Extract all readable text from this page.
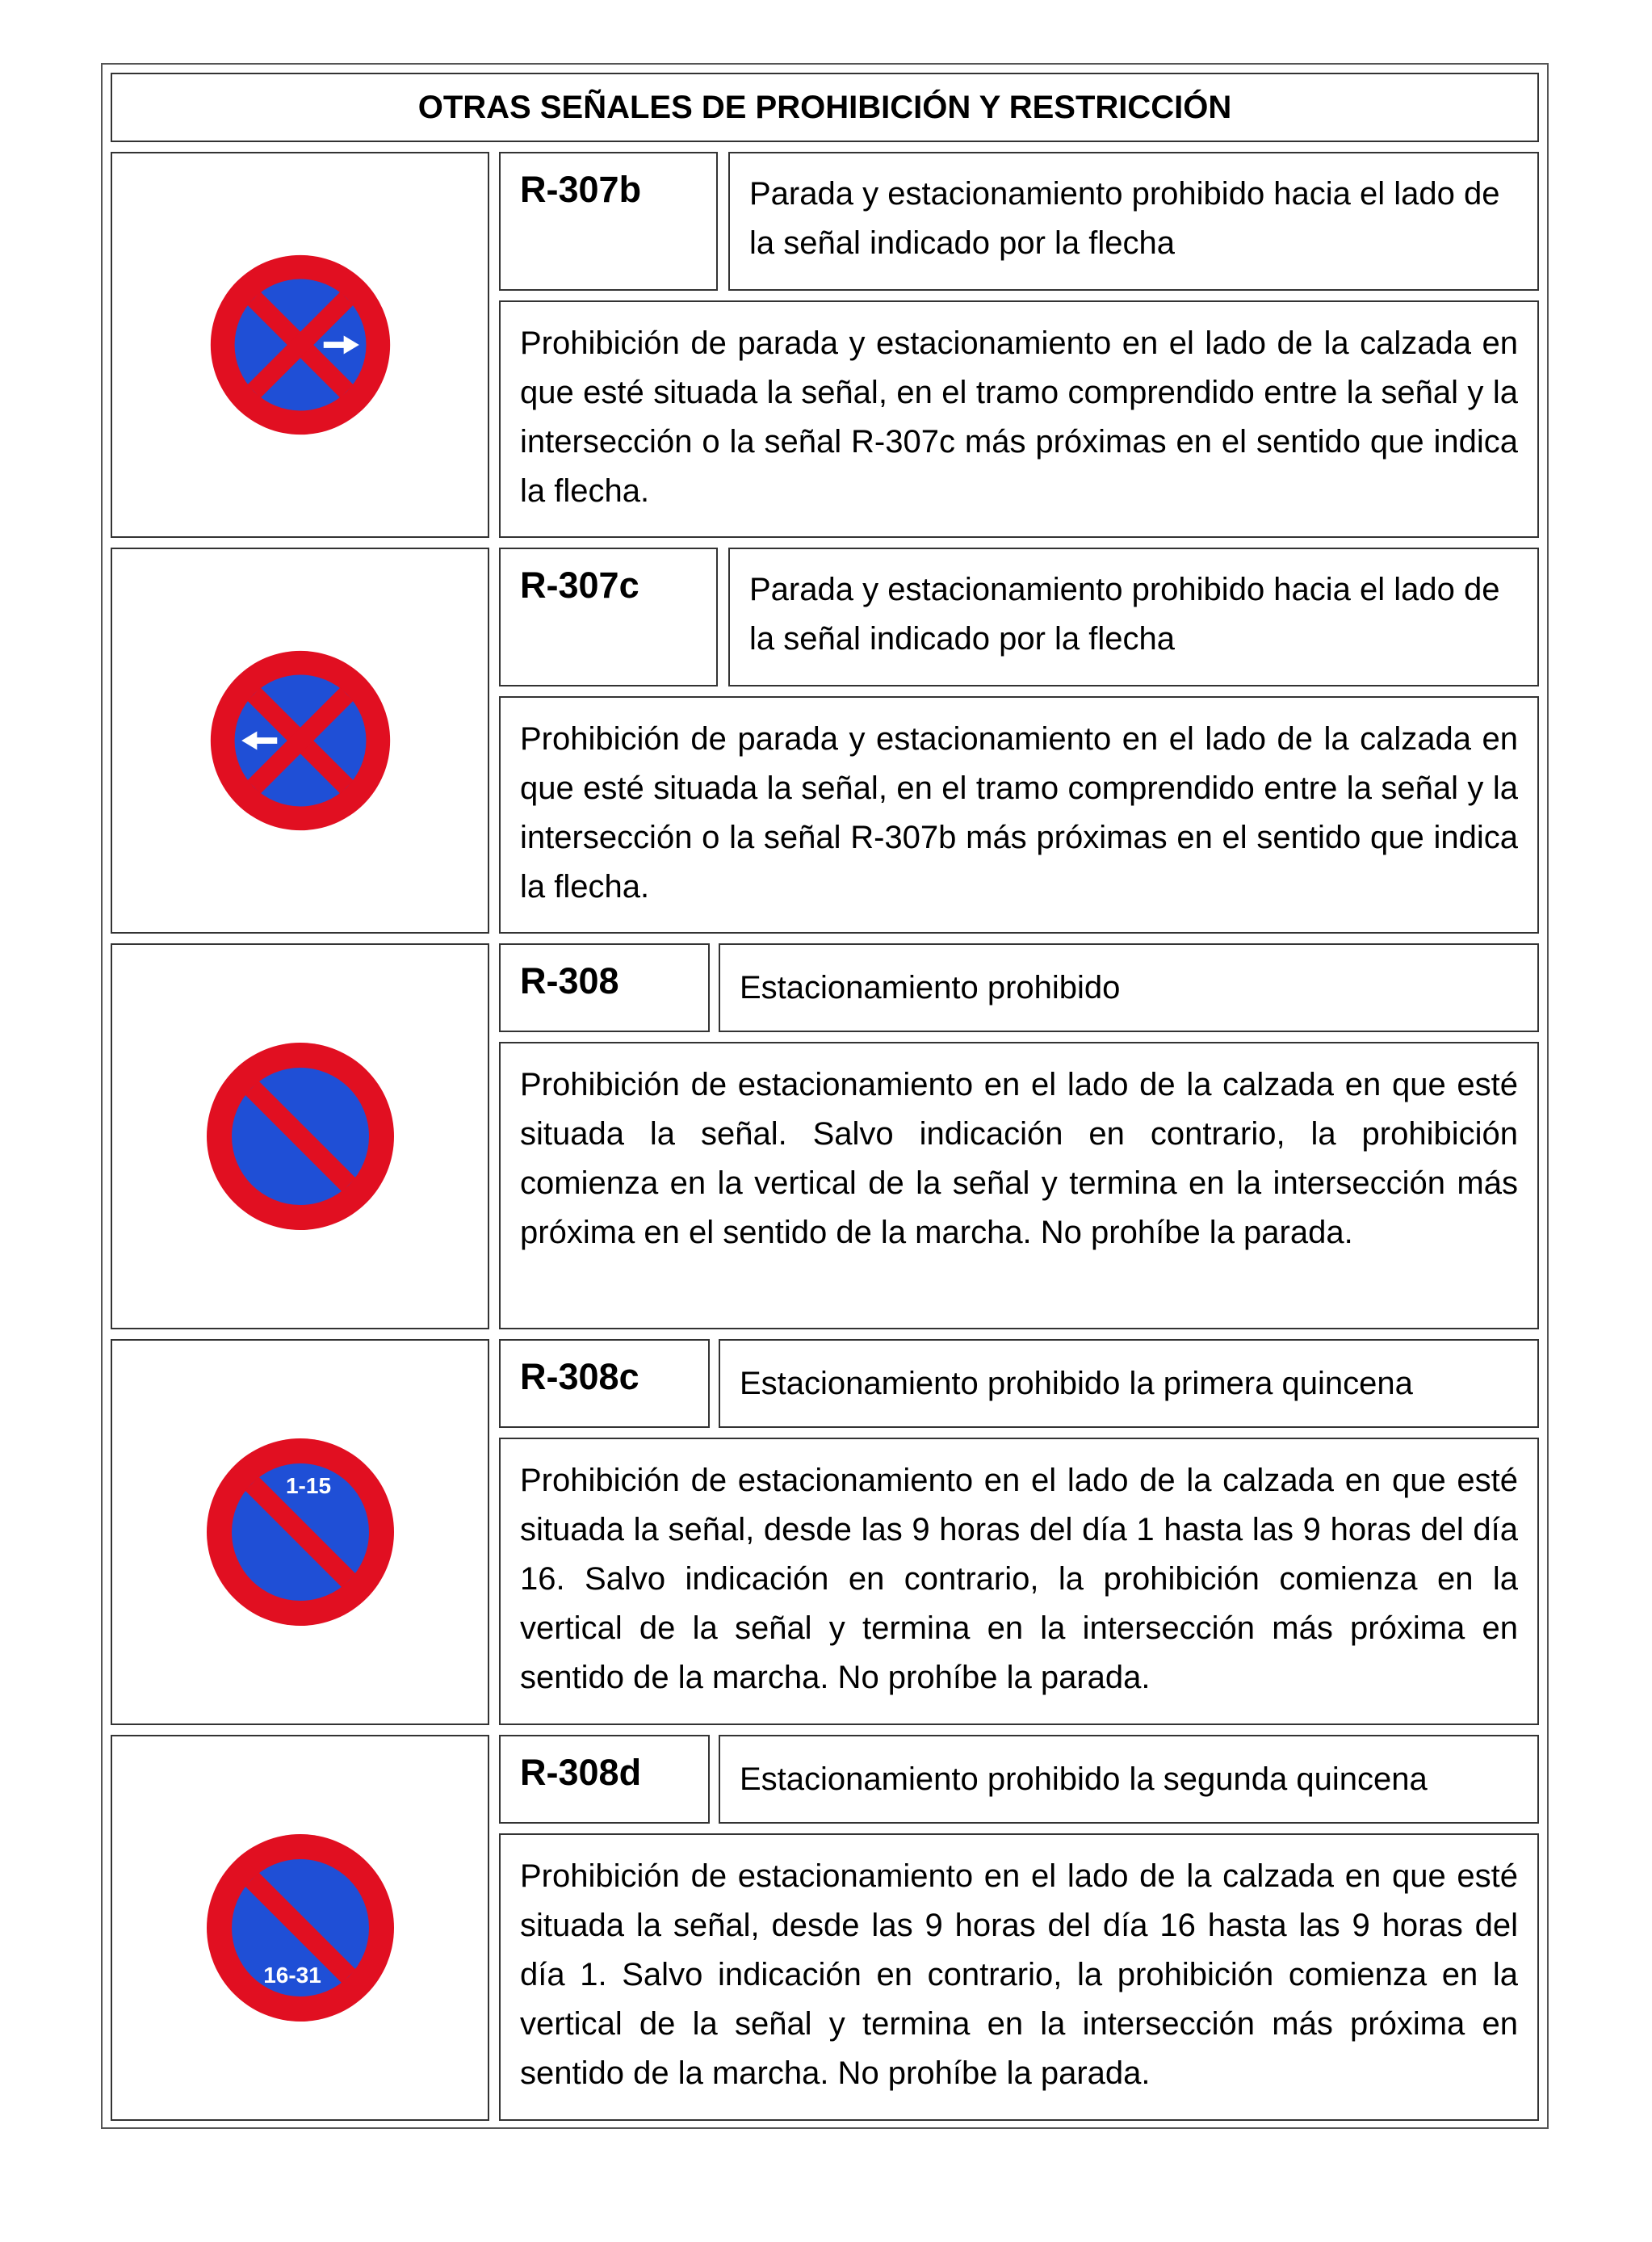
OTRAS SEÑALES DE PROHIBICIÓN Y RESTRICCIÓN
R-307b	Parada y estacionamiento prohibido hacia el lado de la señal indicado por la flecha
Prohibición de parada y estacionamiento en el lado de la calzada en que esté situada la señal, en el tramo comprendido entre la señal y la intersección o la señal R-307c más próximas en el sentido que indica la flecha.
R-307c	Parada y estacionamiento prohibido hacia el lado de la señal indicado por la flecha
Prohibición de parada y estacionamiento en el lado de la calzada en que esté situada la señal, en el tramo comprendido entre la señal y la intersección o la señal R-307b más próximas en el sentido que indica la flecha.
R-308	Estacionamiento prohibido
Prohibición de estacionamiento en el lado de la calzada en que esté situada la señal. Salvo indicación en contrario, la prohibición comienza en la vertical de la señal y termina en la intersección más próxima en el sentido de la marcha. No prohíbe la parada.
1-15
R-308c	Estacionamiento prohibido la primera quincena
Prohibición de estacionamiento en el lado de la calzada en que esté situada la señal, desde las 9 horas del día 1 hasta las 9 horas del día 16. Salvo indicación en contrario, la prohibición comienza en la vertical de la señal y termina en la intersección más próxima en sentido de la marcha. No prohíbe la parada.
16-31
R-308d	Estacionamiento prohibido la segunda quincena
Prohibición de estacionamiento en el lado de la calzada en que esté situada la señal, desde las 9 horas del día 16 hasta las 9 horas del día 1. Salvo indicación en contrario, la prohibición comienza en la vertical de la señal y termina en la intersección más próxima en sentido de la marcha. No prohíbe la parada.
